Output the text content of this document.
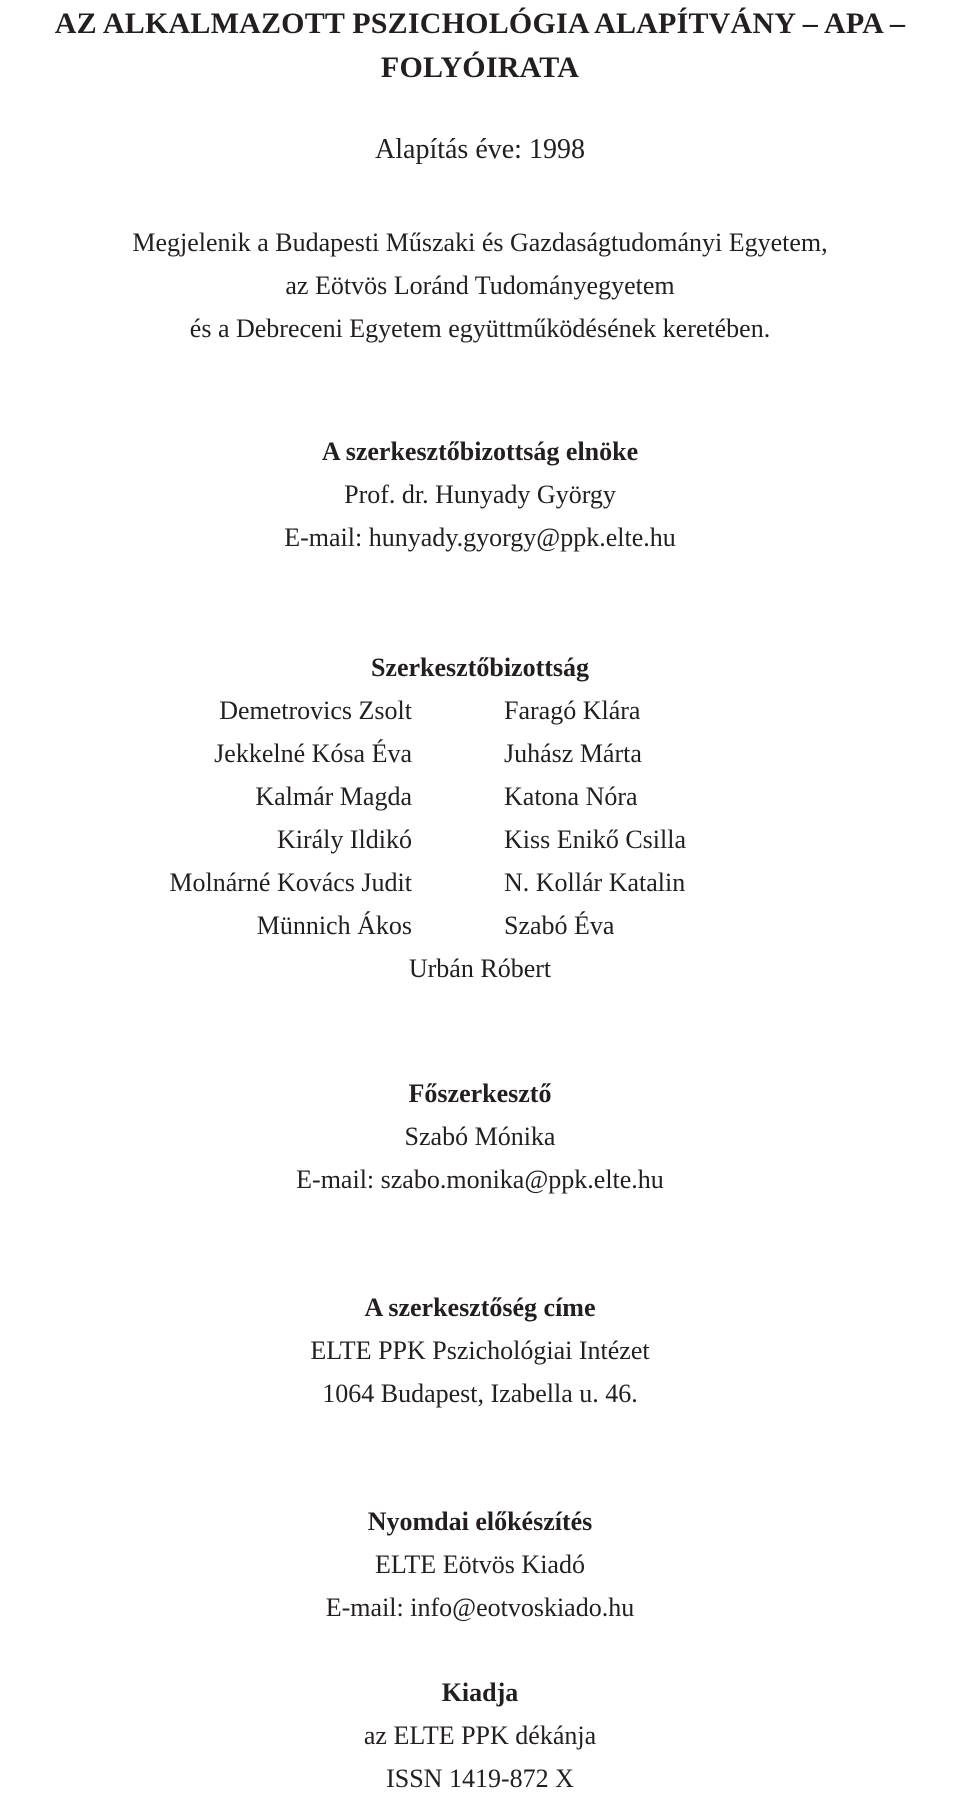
AZ ALKALMAZOTT PSZICHOLÓGIA ALAPÍTVÁNY – APA –
FOLYÓIRATA
Alapítás éve: 1998
Megjelenik a Budapesti Műszaki és Gazdaságtudományi Egyetem,
az Eötvös Loránd Tudományegyetem
és a Debreceni Egyetem együttműködésének keretében.
A szerkesztőbizottság elnöke
Prof. dr. Hunyady György
E-mail: hunyady.gyorgy@ppk.elte.hu
Szerkesztőbizottság
Demetrovics Zsolt
Jekkelné Kósa Éva
Kalmár Magda
Király Ildikó
Molnárné Kovács Judit
Münnich Ákos
Faragó Klára
Juhász Márta
Katona Nóra
Kiss Enikő Csilla
N. Kollár Katalin
Szabó Éva
Urbán Róbert
Főszerkesztő
Szabó Mónika
E-mail: szabo.monika@ppk.elte.hu
A szerkesztőség címe
ELTE PPK Pszichológiai Intézet
1064 Budapest, Izabella u. 46.
Nyomdai előkészítés
ELTE Eötvös Kiadó
E-mail: info@eotvoskiado.hu
Kiadja
az ELTE PPK dékánja
ISSN 1419-872 X
